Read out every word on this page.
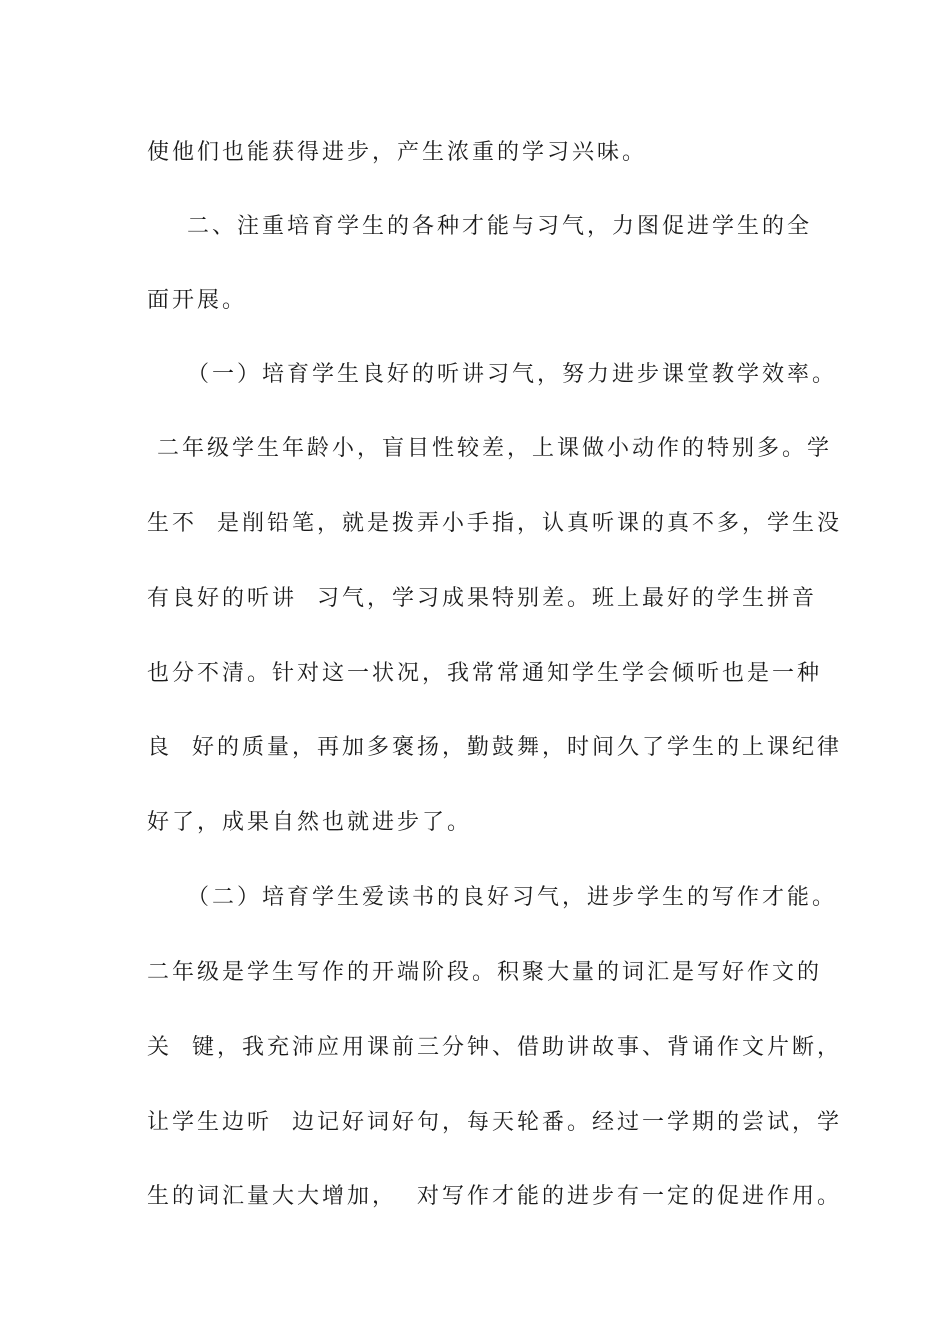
使他们也能获得进步，产生浓重的学习兴味。
二、注重培育学生的各种才能与习气，力图促进学生的全
面开展。
（一）培育学生良好的听讲习气，努力进步课堂教学效率。
二年级学生年龄小，盲目性较差，上课做小动作的特别多。学
生不  是削铅笔，就是拨弄小手指，认真听课的真不多，学生没
有良好的听讲  习气，学习成果特别差。班上最好的学生拼音
也分不清。针对这一状况，我常常通知学生学会倾听也是一种
良  好的质量，再加多褒扬，勤鼓舞，时间久了学生的上课纪律
好了，成果自然也就进步了。
（二）培育学生爱读书的良好习气，进步学生的写作才能。
二年级是学生写作的开端阶段。积聚大量的词汇是写好作文的
关  键，我充沛应用课前三分钟、借助讲故事、背诵作文片断，
让学生边听  边记好词好句，每天轮番。经过一学期的尝试，学
生的词汇量大大增加，  对写作才能的进步有一定的促进作用。
